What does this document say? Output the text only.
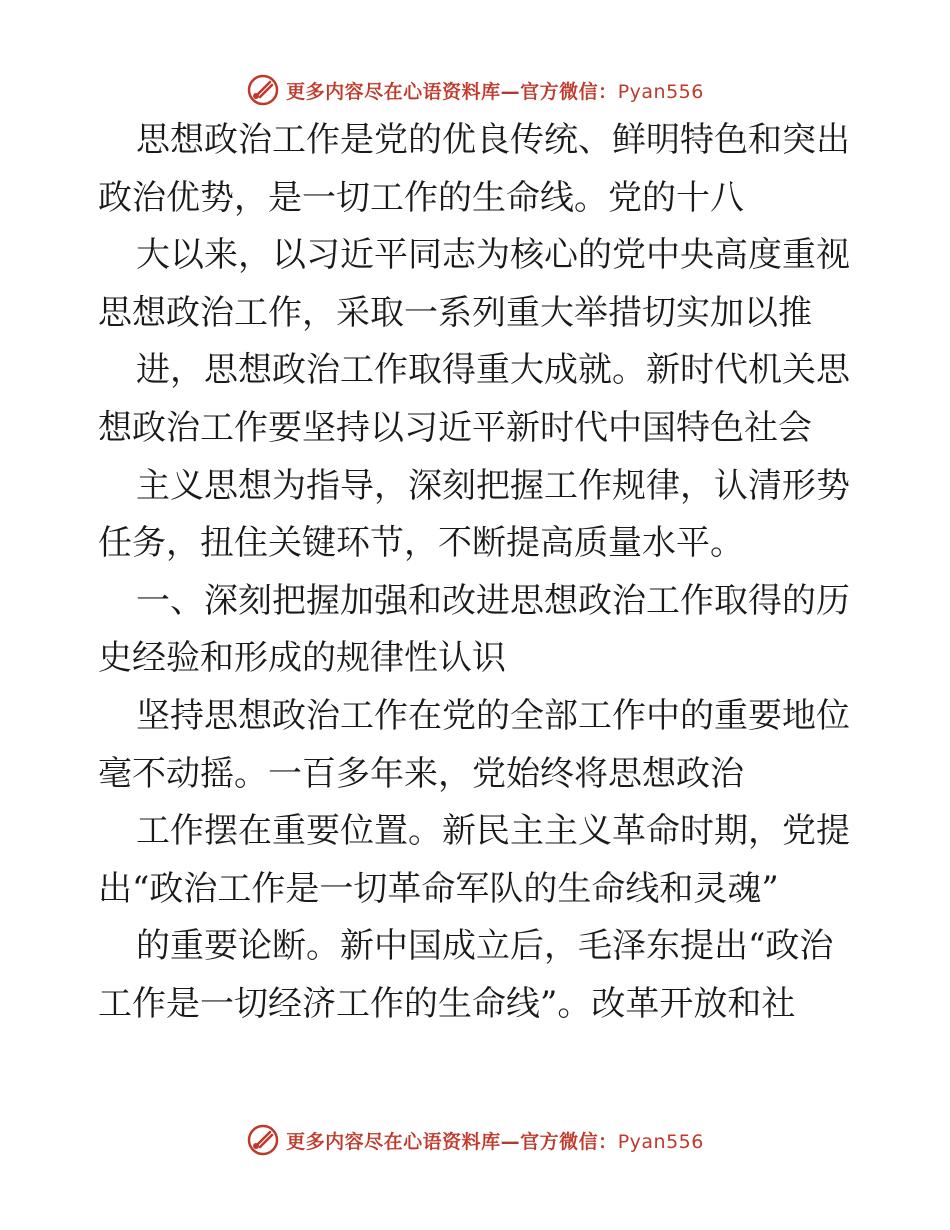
更多内容尽在心语资料库—官方微信：Pyan556
思想政治工作是党的优良传统、鲜明特色和突出
政治优势，是一切工作的生命线。党的十八
大以来，以习近平同志为核心的党中央高度重视
思想政治工作，采取一系列重大举措切实加以推
进，思想政治工作取得重大成就。新时代机关思
想政治工作要坚持以习近平新时代中国特色社会
主义思想为指导，深刻把握工作规律，认清形势
任务，扭住关键环节，不断提高质量水平。
一、深刻把握加强和改进思想政治工作取得的历
史经验和形成的规律性认识
坚持思想政治工作在党的全部工作中的重要地位
毫不动摇。一百多年来，党始终将思想政治
工作摆在重要位置。新民主主义革命时期，党提
出“政治工作是一切革命军队的生命线和灵魂”
的重要论断。新中国成立后，毛泽东提出“政治
工作是一切经济工作的生命线”。改革开放和社
更多内容尽在心语资料库—官方微信：Pyan556
